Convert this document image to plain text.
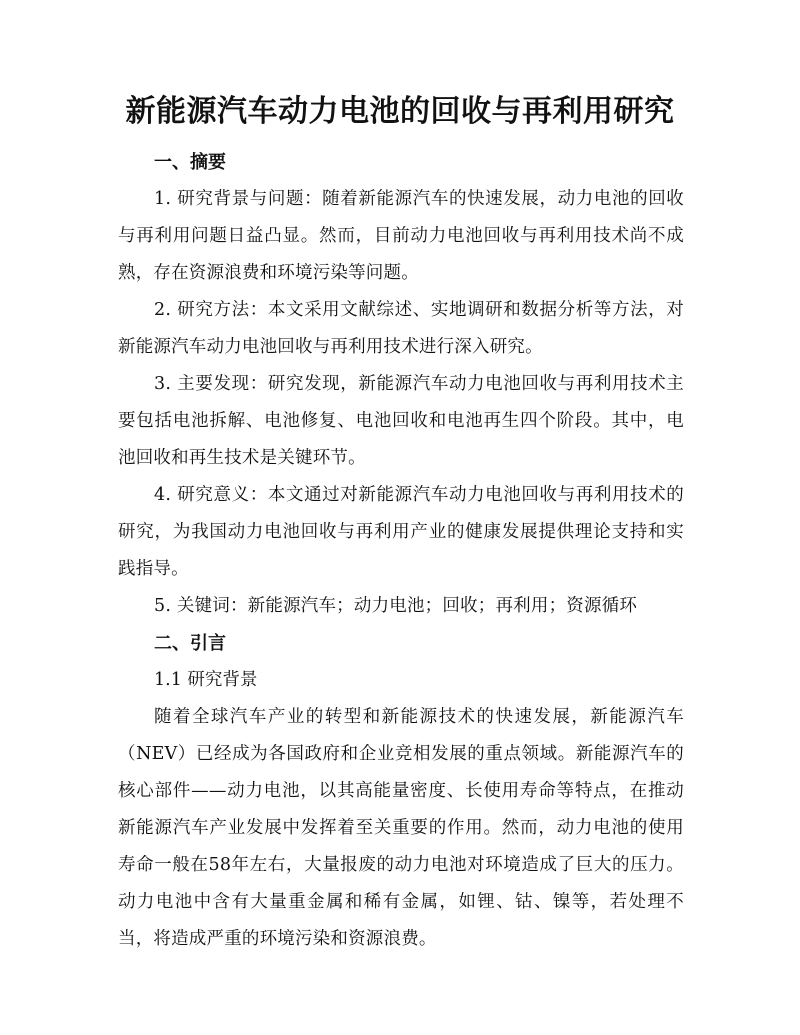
新能源汽车动力电池的回收与再利用研究

一、摘要

1. 研究背景与问题：随着新能源汽车的快速发展，动力电池的回收与再利用问题日益凸显。然而，目前动力电池回收与再利用技术尚不成熟，存在资源浪费和环境污染等问题。

2. 研究方法：本文采用文献综述、实地调研和数据分析等方法，对新能源汽车动力电池回收与再利用技术进行深入研究。

3. 主要发现：研究发现，新能源汽车动力电池回收与再利用技术主要包括电池拆解、电池修复、电池回收和电池再生四个阶段。其中，电池回收和再生技术是关键环节。

4. 研究意义：本文通过对新能源汽车动力电池回收与再利用技术的研究，为我国动力电池回收与再利用产业的健康发展提供理论支持和实践指导。

5. 关键词：新能源汽车；动力电池；回收；再利用；资源循环

二、引言

1.1 研究背景

随着全球汽车产业的转型和新能源技术的快速发展，新能源汽车（NEV）已经成为各国政府和企业竞相发展的重点领域。新能源汽车的核心部件——动力电池，以其高能量密度、长使用寿命等特点，在推动新能源汽车产业发展中发挥着至关重要的作用。然而，动力电池的使用寿命一般在58年左右，大量报废的动力电池对环境造成了巨大的压力。动力电池中含有大量重金属和稀有金属，如锂、钴、镍等，若处理不当，将造成严重的环境污染和资源浪费。
